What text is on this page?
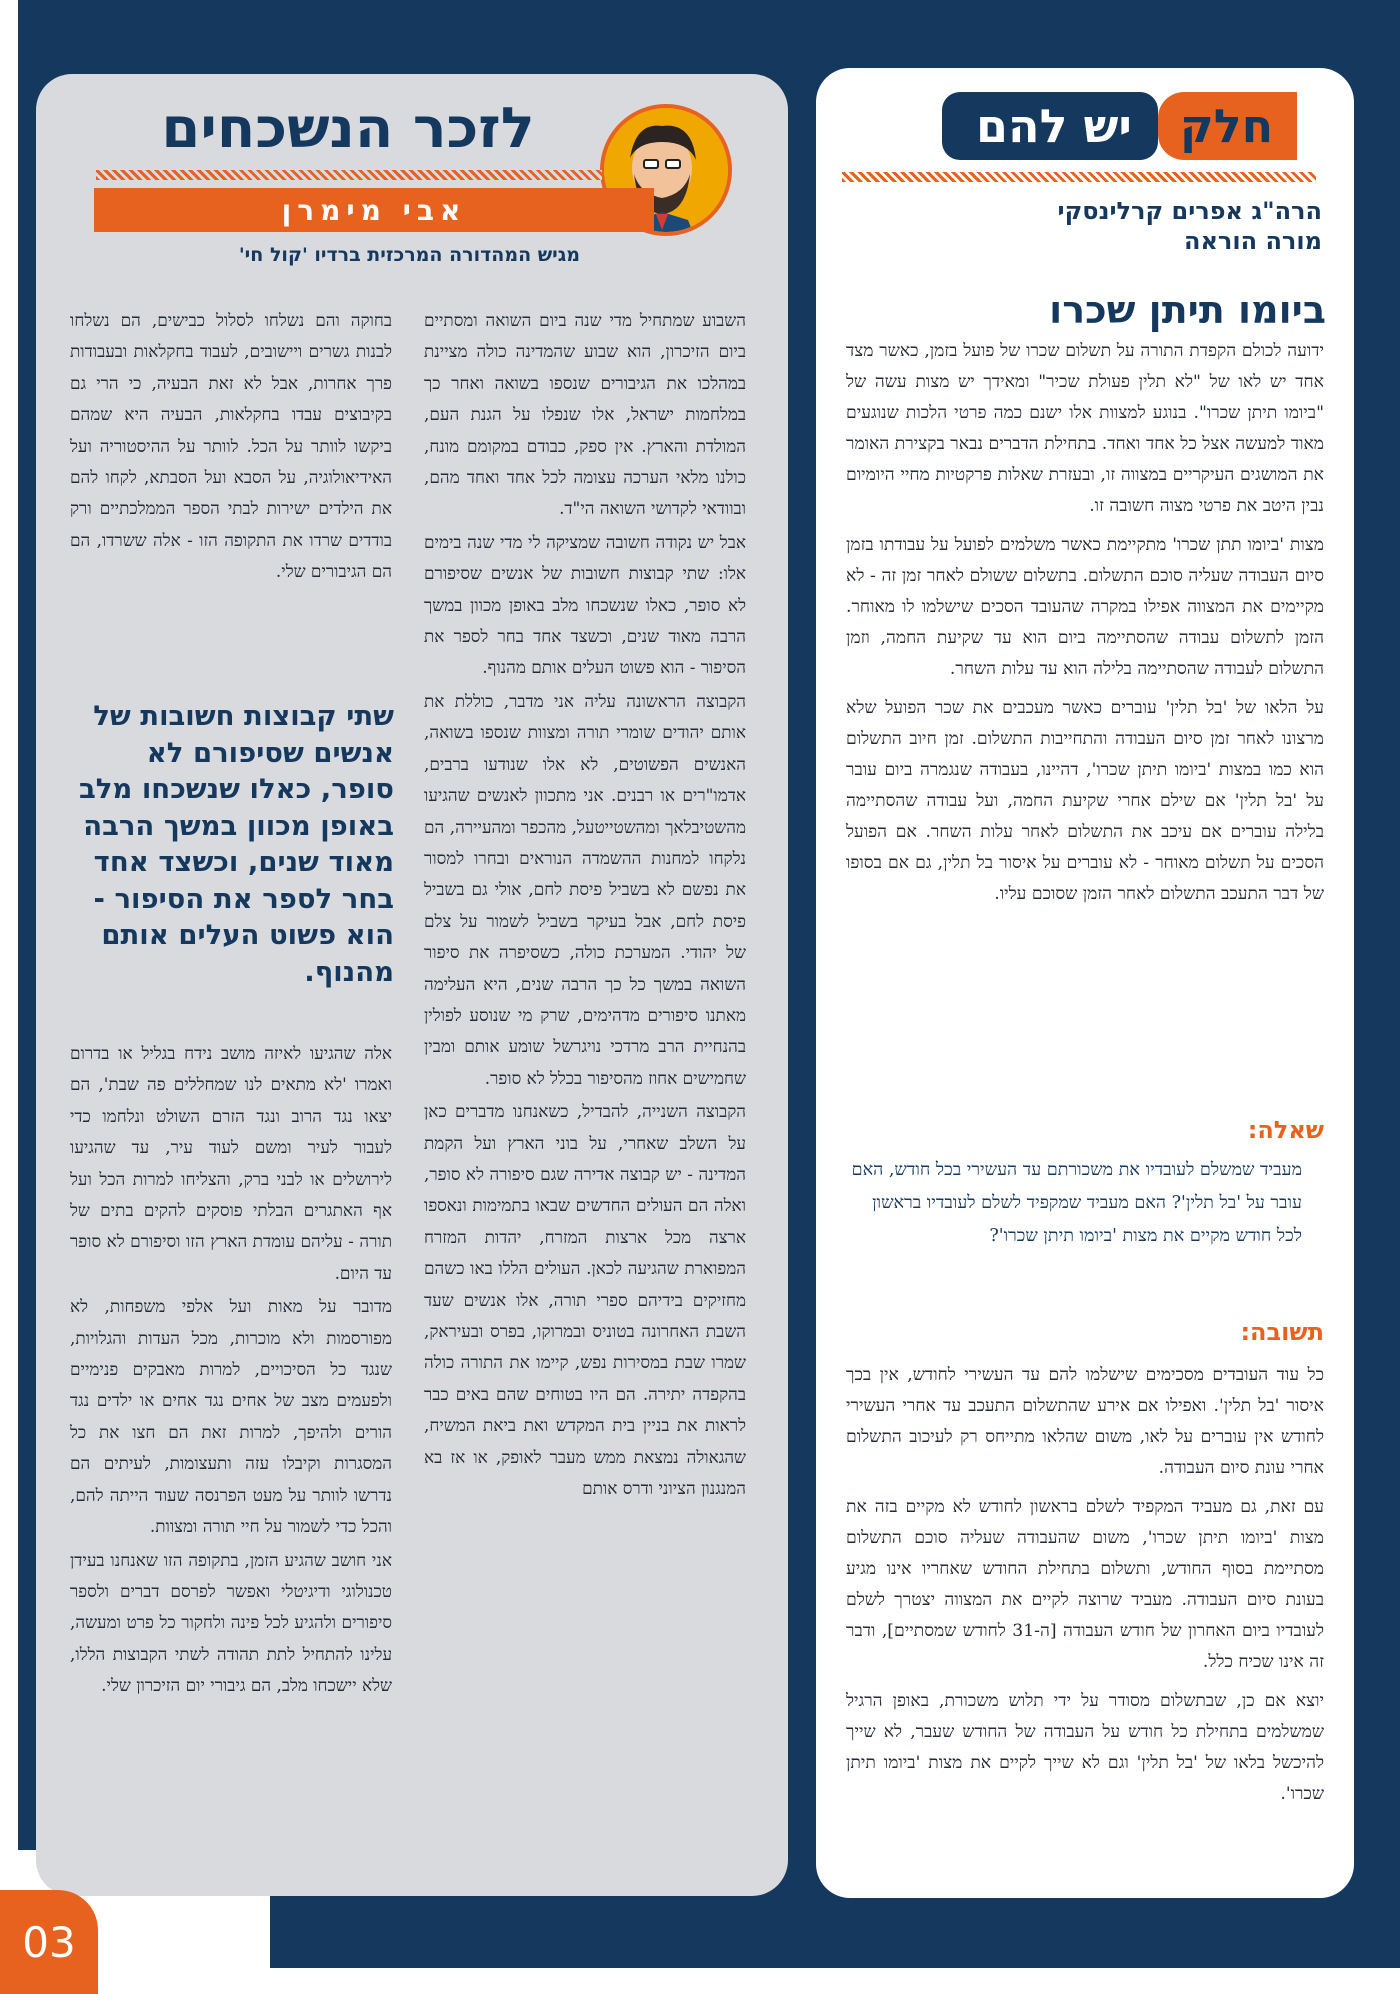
לזכר הנשכחים
אבי מימרן
מגיש המהדורה המרכזית ברדיו 'קול חי'

השבוע שמתחיל מדי שנה ביום השואה ומסתיים ביום הזיכרון, הוא שבוע שהמדינה כולה מציינת במהלכו את הגיבורים שנספו בשואה ואחר כך במלחמות ישראל, אלו שנפלו על הגנת העם, המולדת והארץ. אין ספק, כבודם במקומם מונח, כולנו מלאי הערכה עצומה לכל אחד ואחד מהם, ובוודאי לקדושי השואה הי"ד.

אבל יש נקודה חשובה שמציקה לי מדי שנה בימים אלו: שתי קבוצות חשובות של אנשים שסיפורם לא סופר, כאלו שנשכחו מלב באופן מכוון במשך הרבה מאוד שנים, וכשצד אחד בחר לספר את הסיפור - הוא פשוט העלים אותם מהנוף.

הקבוצה הראשונה עליה אני מדבר, כוללת את אותם יהודים שומרי תורה ומצוות שנספו בשואה, האנשים הפשוטים, לא אלו שנודעו ברבים, אדמו"רים או רבנים. אני מתכוון לאנשים שהגיעו מהשטיבלאך ומהשטייטעל, מהכפר ומהעיירה, הם נלקחו למחנות ההשמדה הנוראים ובחרו למסור את נפשם לא בשביל פיסת לחם, אולי גם בשביל פיסת לחם, אבל בעיקר בשביל לשמור על צלם של יהודי. המערכת כולה, כשסיפרה את סיפור השואה במשך כל כך הרבה שנים, היא העלימה מאתנו סיפורים מדהימים, שרק מי שנוסע לפולין בהנחיית הרב מרדכי נויגרשל שומע אותם ומבין שחמישים אחוז מהסיפור בכלל לא סופר.

הקבוצה השנייה, להבדיל, כשאנחנו מדברים כאן על השלב שאחרי, על בוני הארץ ועל הקמת המדינה - יש קבוצה אדירה שגם סיפורה לא סופר, ואלה הם העולים החדשים שבאו בתמימות ונאספו ארצה מכל ארצות המזרח, יהדות המזרח המפוארת שהגיעה לכאן. העולים הללו באו כשהם מחזיקים בידיהם ספרי תורה, אלו אנשים שעד השבת האחרונה בטוניס ובמרוקו, בפרס ובעיראק, שמרו שבת במסירות נפש, קיימו את התורה כולה בהקפדה יתירה. הם היו בטוחים שהם באים כבר לראות את בניין בית המקדש ואת ביאת המשיח, שהגאולה נמצאת ממש מעבר לאופק, או אז בא המנגנון הציוני ודרס אותם

בחוקה והם נשלחו לסלול כבישים, הם נשלחו לבנות גשרים ויישובים, לעבוד בחקלאות ובעבודות פרך אחרות, אבל לא זאת הבעיה, כי הרי גם בקיבוצים עבדו בחקלאות, הבעיה היא שמהם ביקשו לוותר על הכל. לוותר על ההיסטוריה ועל האידיאולוגיה, על הסבא ועל הסבתא, לקחו להם את הילדים ישירות לבתי הספר הממלכתיים ורק בודדים שרדו את התקופה הזו - אלה ששרדו, הם הם הגיבורים שלי.

שתי קבוצות חשובות של אנשים שסיפורם לא סופר, כאלו שנשכחו מלב באופן מכוון במשך הרבה מאוד שנים, וכשצד אחד בחר לספר את הסיפור - הוא פשוט העלים אותם מהנוף.

אלה שהגיעו לאיזה מושב נידח בגליל או בדרום ואמרו 'לא מתאים לנו שמחללים פה שבת', הם יצאו נגד הרוב ונגד הזרם השולט ונלחמו כדי לעבור לעיר ומשם לעוד עיר, עד שהגיעו לירושלים או לבני ברק, והצליחו למרות הכל ועל אף האתגרים הבלתי פוסקים להקים בתים של תורה - עליהם עומדת הארץ הזו וסיפורם לא סופר עד היום.

מדובר על מאות ועל אלפי משפחות, לא מפורסמות ולא מוכרות, מכל העדות והגלויות, שנגד כל הסיכויים, למרות מאבקים פנימיים ולפעמים מצב של אחים נגד אחים או ילדים נגד הורים ולהיפך, למרות זאת הם חצו את כל המסגרות וקיבלו עזה ותעצומות, לעיתים הם נדרשו לוותר על מעט הפרנסה שעוד הייתה להם, והכל כדי לשמור על חיי תורה ומצוות.

אני חושב שהגיע הזמן, בתקופה הזו שאנחנו בעידן טכנולוגי ודיגיטלי ואפשר לפרסם דברים ולספר סיפורים ולהגיע לכל פינה ולחקור כל פרט ומעשה, עלינו להתחיל לתת תהודה לשתי הקבוצות הללו, שלא יישכחו מלב, הם גיבורי יום הזיכרון שלי.

יש להם	חלק
הרה"ג אפרים קרלינסקי
מורה הוראה
ביומו תיתן שכרו

ידועה לכולם הקפדת התורה על תשלום שכרו של פועל בזמן, כאשר מצד אחד יש לאו של "לא תלין פעולת שכיר" ומאידך יש מצות עשה של "ביומו תיתן שכרו". בנוגע למצוות אלו ישנם כמה פרטי הלכות שנוגעים מאוד למעשה אצל כל אחד ואחד. בתחילת הדברים נבאר בקצירת האומר את המושגים העיקריים במצווה זו, ובעזרת שאלות פרקטיות מחיי היומיום נבין היטב את פרטי מצוה חשובה זו.

מצות 'ביומו תתן שכרו' מתקיימת כאשר משלמים לפועל על עבודתו בזמן סיום העבודה שעליה סוכם התשלום. בתשלום ששולם לאחר זמן זה - לא מקיימים את המצווה אפילו במקרה שהעובד הסכים שישלמו לו מאוחר. הזמן לתשלום עבודה שהסתיימה ביום הוא עד שקיעת החמה, וזמן התשלום לעבודה שהסתיימה בלילה הוא עד עלות השחר.

על הלאו של 'בל תלין' עוברים כאשר מעכבים את שכר הפועל שלא מרצונו לאחר זמן סיום העבודה והתחייבות התשלום. זמן חיוב התשלום הוא כמו במצות 'ביומו תיתן שכרו', דהיינו, בעבודה שנגמרה ביום עובר על 'בל תלין' אם שילם אחרי שקיעת החמה, ועל עבודה שהסתיימה בלילה עוברים אם עיכב את התשלום לאחר עלות השחר. אם הפועל הסכים על תשלום מאוחר - לא עוברים על איסור בל תלין, גם אם בסופו של דבר התעכב התשלום לאחר הזמן שסוכם עליו.

שאלה:
מעביד שמשלם לעובדיו את משכורתם עד העשירי בכל חודש, האם עובר על 'בל תלין'? האם מעביד שמקפיד לשלם לעובדיו בראשון לכל חודש מקיים את מצות 'ביומו תיתן שכרו'?
תשובה:

כל עוד העובדים מסכימים שישלמו להם עד העשירי לחודש, אין בכך איסור 'בל תלין'. ואפילו אם אירע שהתשלום התעכב עד אחרי העשירי לחודש אין עוברים על לאו, משום שהלאו מתייחס רק לעיכוב התשלום אחרי עונת סיום העבודה.

עם זאת, גם מעביד המקפיד לשלם בראשון לחודש לא מקיים בזה את מצות 'ביומו תיתן שכרו', משום שהעבודה שעליה סוכם התשלום מסתיימת בסוף החודש, ותשלום בתחילת החודש שאחריו אינו מגיע בעונת סיום העבודה. מעביד שרוצה לקיים את המצווה יצטרך לשלם לעובדיו ביום האחרון של חודש העבודה [ה-31 לחודש שמסתיים], ודבר זה אינו שכיח כלל.

יוצא אם כן, שבתשלום מסודר על ידי תלוש משכורת, באופן הרגיל שמשלמים בתחילת כל חודש על העבודה של החודש שעבר, לא שייך להיכשל בלאו של 'בל תלין' וגם לא שייך לקיים את מצות 'ביומו תיתן שכרו'.

03
